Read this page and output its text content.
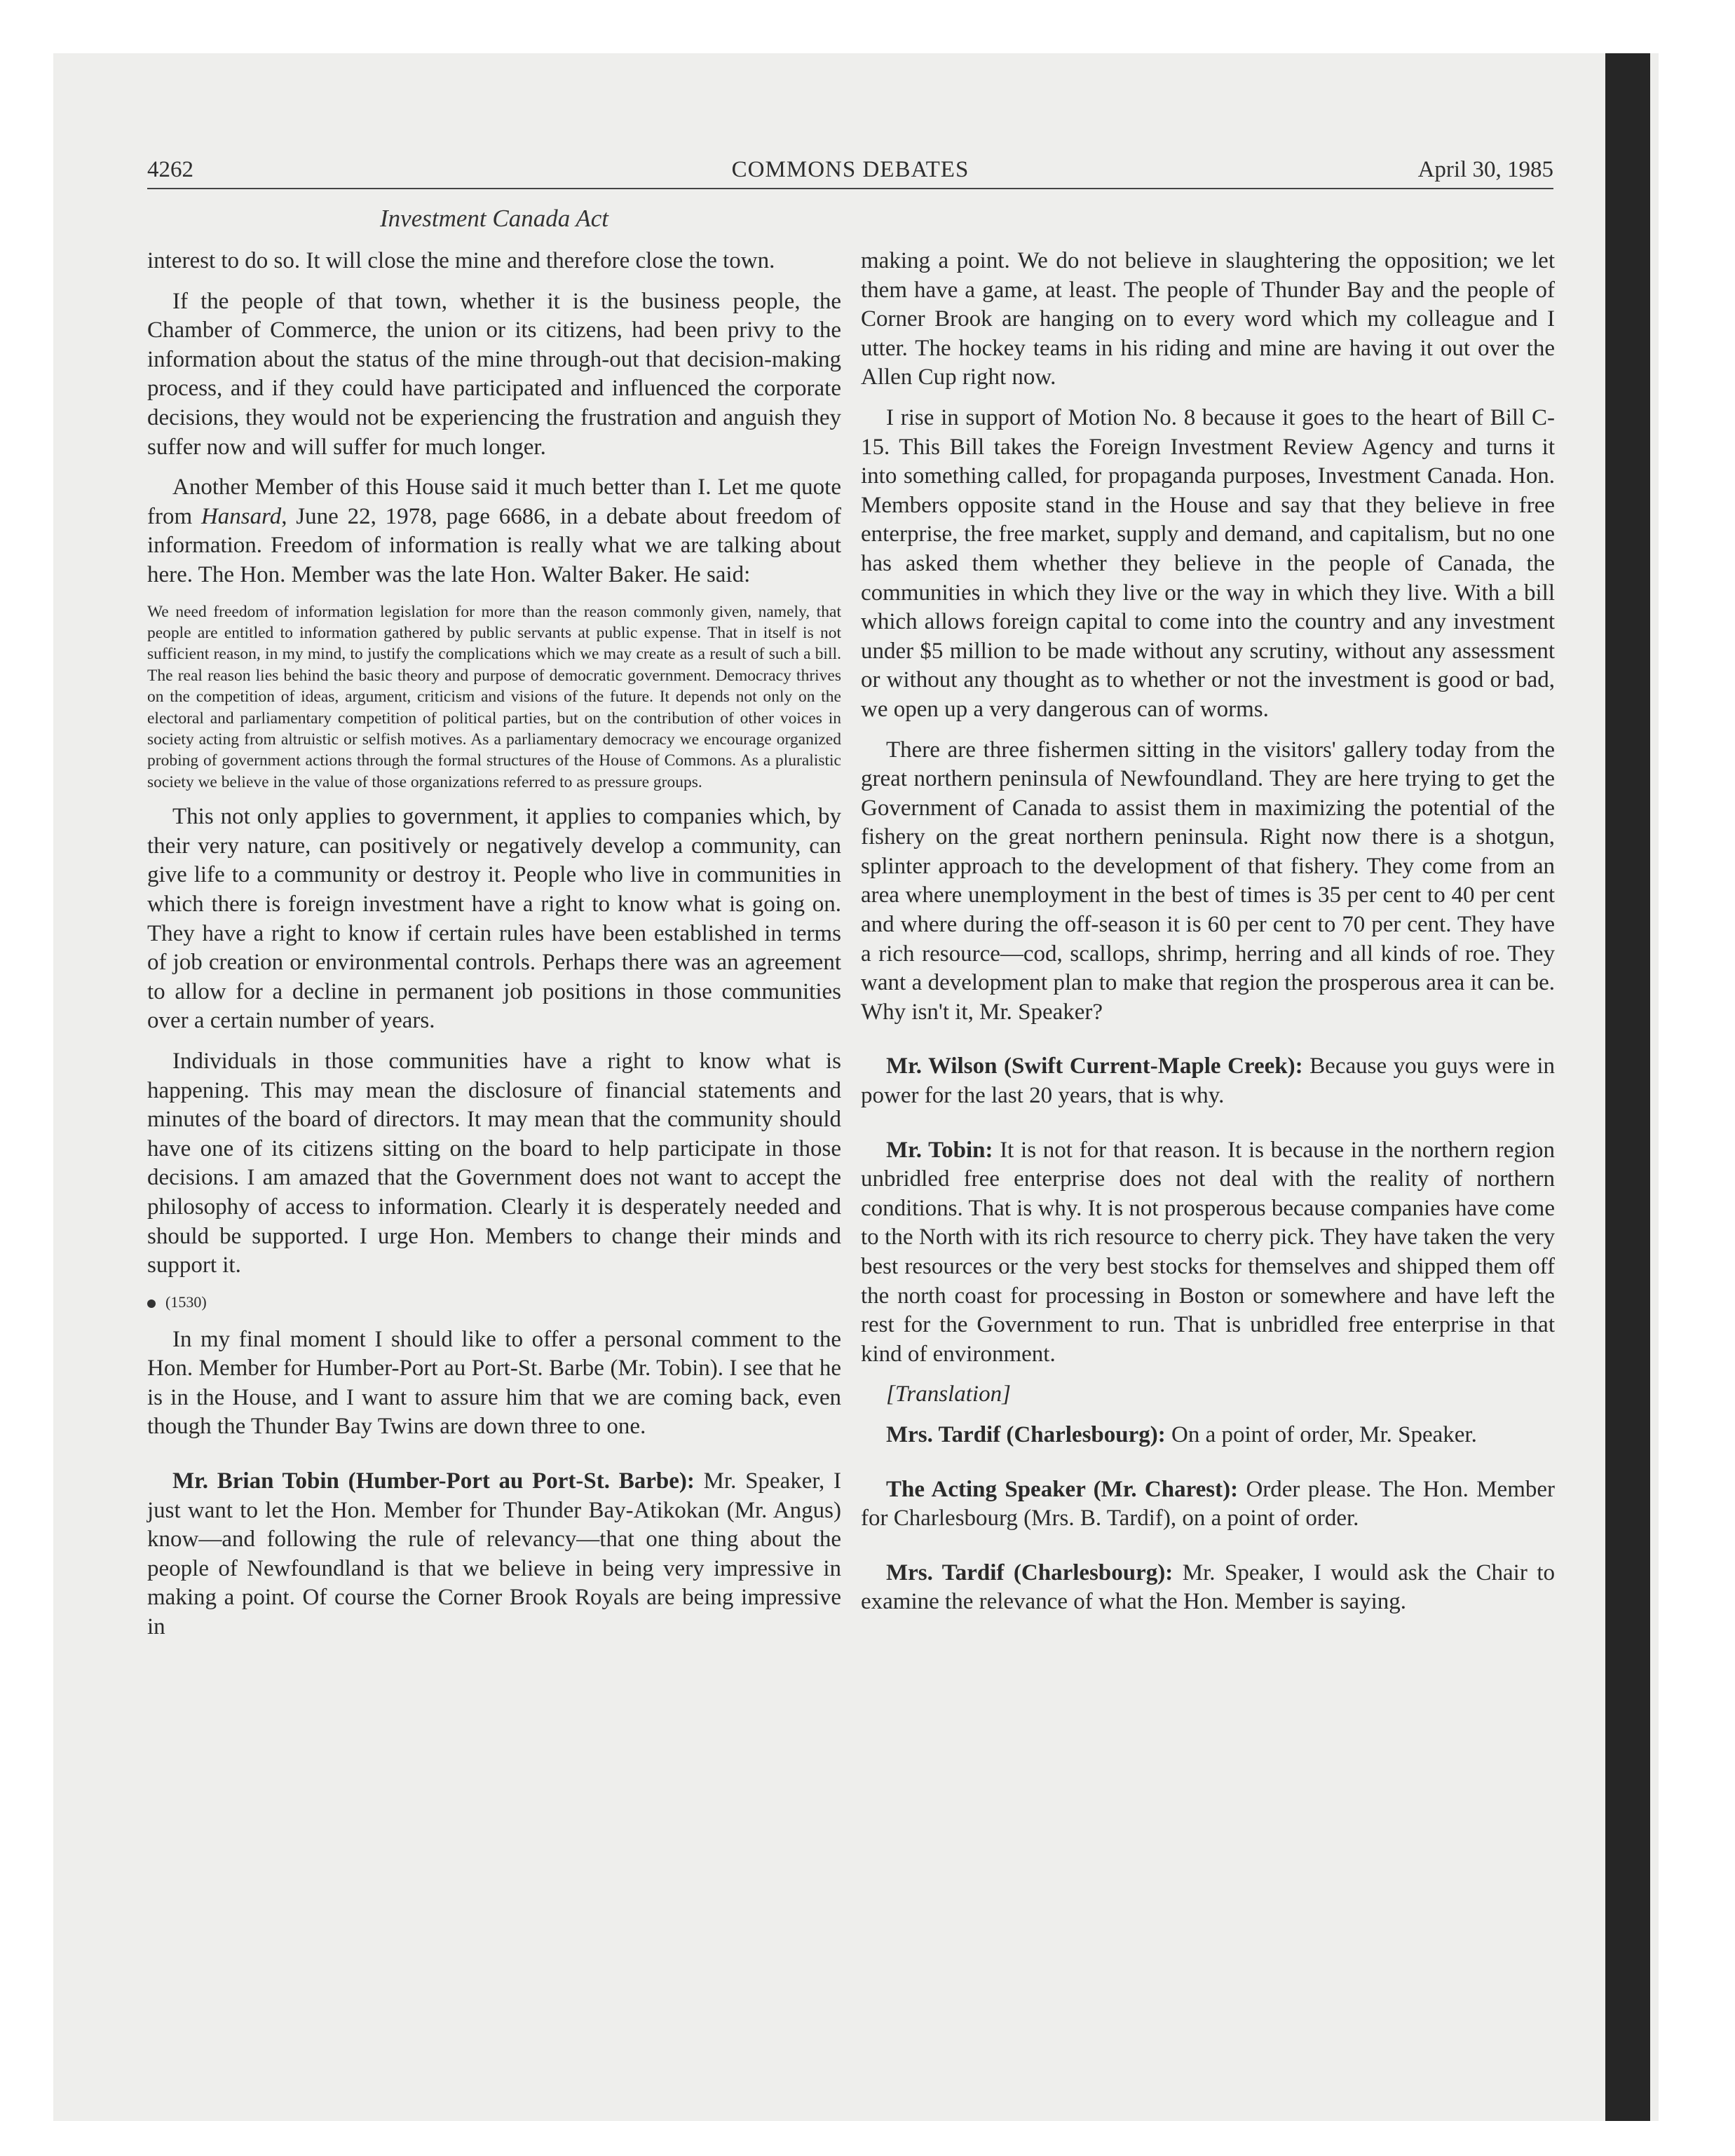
4262	COMMONS DEBATES	April 30, 1985
Investment Canada Act

interest to do so. It will close the mine and therefore close the town.

If the people of that town, whether it is the business people, the Chamber of Commerce, the union or its citizens, had been privy to the information about the status of the mine through-out that decision-making process, and if they could have participated and influenced the corporate decisions, they would not be experiencing the frustration and anguish they suffer now and will suffer for much longer.

Another Member of this House said it much better than I. Let me quote from Hansard, June 22, 1978, page 6686, in a debate about freedom of information. Freedom of information is really what we are talking about here. The Hon. Member was the late Hon. Walter Baker. He said:

We need freedom of information legislation for more than the reason commonly given, namely, that people are entitled to information gathered by public servants at public expense. That in itself is not sufficient reason, in my mind, to justify the complications which we may create as a result of such a bill. The real reason lies behind the basic theory and purpose of democratic government. Democracy thrives on the competition of ideas, argument, criticism and visions of the future. It depends not only on the electoral and parliamentary competition of political parties, but on the contribution of other voices in society acting from altruistic or selfish motives. As a parliamentary democracy we encourage organized probing of government actions through the formal structures of the House of Commons. As a pluralistic society we believe in the value of those organizations referred to as pressure groups.

This not only applies to government, it applies to companies which, by their very nature, can positively or negatively develop a community, can give life to a community or destroy it. People who live in communities in which there is foreign investment have a right to know what is going on. They have a right to know if certain rules have been established in terms of job creation or environmental controls. Perhaps there was an agreement to allow for a decline in permanent job positions in those communities over a certain number of years.

Individuals in those communities have a right to know what is happening. This may mean the disclosure of financial statements and minutes of the board of directors. It may mean that the community should have one of its citizens sitting on the board to help participate in those decisions. I am amazed that the Government does not want to accept the philosophy of access to information. Clearly it is desperately needed and should be supported. I urge Hon. Members to change their minds and support it.

(1530)

In my final moment I should like to offer a personal comment to the Hon. Member for Humber-Port au Port-St. Barbe (Mr. Tobin). I see that he is in the House, and I want to assure him that we are coming back, even though the Thunder Bay Twins are down three to one.

Mr. Brian Tobin (Humber-Port au Port-St. Barbe): Mr. Speaker, I just want to let the Hon. Member for Thunder Bay-Atikokan (Mr. Angus) know—and following the rule of relevancy—that one thing about the people of Newfoundland is that we believe in being very impressive in making a point. Of course the Corner Brook Royals are being impressive in

making a point. We do not believe in slaughtering the opposition; we let them have a game, at least. The people of Thunder Bay and the people of Corner Brook are hanging on to every word which my colleague and I utter. The hockey teams in his riding and mine are having it out over the Allen Cup right now.

I rise in support of Motion No. 8 because it goes to the heart of Bill C-15. This Bill takes the Foreign Investment Review Agency and turns it into something called, for propaganda purposes, Investment Canada. Hon. Members opposite stand in the House and say that they believe in free enterprise, the free market, supply and demand, and capitalism, but no one has asked them whether they believe in the people of Canada, the communities in which they live or the way in which they live. With a bill which allows foreign capital to come into the country and any investment under $5 million to be made without any scrutiny, without any assessment or without any thought as to whether or not the investment is good or bad, we open up a very dangerous can of worms.

There are three fishermen sitting in the visitors' gallery today from the great northern peninsula of Newfoundland. They are here trying to get the Government of Canada to assist them in maximizing the potential of the fishery on the great northern peninsula. Right now there is a shotgun, splinter approach to the development of that fishery. They come from an area where unemployment in the best of times is 35 per cent to 40 per cent and where during the off-season it is 60 per cent to 70 per cent. They have a rich resource—cod, scallops, shrimp, herring and all kinds of roe. They want a development plan to make that region the prosperous area it can be. Why isn't it, Mr. Speaker?

Mr. Wilson (Swift Current-Maple Creek): Because you guys were in power for the last 20 years, that is why.

Mr. Tobin: It is not for that reason. It is because in the northern region unbridled free enterprise does not deal with the reality of northern conditions. That is why. It is not prosperous because companies have come to the North with its rich resource to cherry pick. They have taken the very best resources or the very best stocks for themselves and shipped them off the north coast for processing in Boston or somewhere and have left the rest for the Government to run. That is unbridled free enterprise in that kind of environment.

[Translation]

Mrs. Tardif (Charlesbourg): On a point of order, Mr. Speaker.

The Acting Speaker (Mr. Charest): Order please. The Hon. Member for Charlesbourg (Mrs. B. Tardif), on a point of order.

Mrs. Tardif (Charlesbourg): Mr. Speaker, I would ask the Chair to examine the relevance of what the Hon. Member is saying.
